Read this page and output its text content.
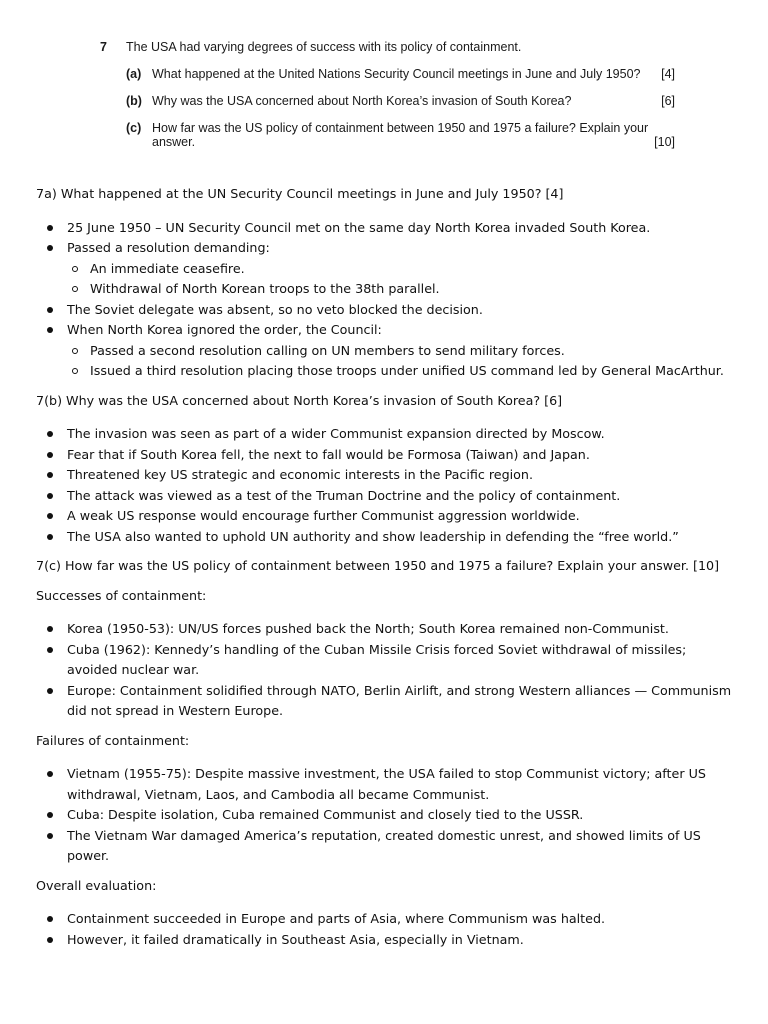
7	The USA had varying degrees of success with its policy of containment.
(a) What happened at the United Nations Security Council meetings in June and July 1950?	[4]
(b) Why was the USA concerned about North Korea’s invasion of South Korea?	[6]
(c) How far was the US policy of containment between 1950 and 1975 a failure? Explain your
answer.	[10]

7a) What happened at the UN Security Council meetings in June and July 1950? [4]

25 June 1950 – UN Security Council met on the same day North Korea invaded South Korea.
Passed a resolution demanding:
An immediate ceasefire.
Withdrawal of North Korean troops to the 38th parallel.
The Soviet delegate was absent, so no veto blocked the decision.
When North Korea ignored the order, the Council:
Passed a second resolution calling on UN members to send military forces.
Issued a third resolution placing those troops under unified US command led by General MacArthur.

7(b) Why was the USA concerned about North Korea’s invasion of South Korea? [6]

The invasion was seen as part of a wider Communist expansion directed by Moscow.
Fear that if South Korea fell, the next to fall would be Formosa (Taiwan) and Japan.
Threatened key US strategic and economic interests in the Pacific region.
The attack was viewed as a test of the Truman Doctrine and the policy of containment.
A weak US response would encourage further Communist aggression worldwide.
The USA also wanted to uphold UN authority and show leadership in defending the “free world.”

7(c) How far was the US policy of containment between 1950 and 1975 a failure? Explain your answer. [10]

Successes of containment:

Korea (1950-53): UN/US forces pushed back the North; South Korea remained non-Communist.
Cuba (1962): Kennedy’s handling of the Cuban Missile Crisis forced Soviet withdrawal of missiles; avoided nuclear war.
Europe: Containment solidified through NATO, Berlin Airlift, and strong Western alliances — Communism did not spread in Western Europe.

Failures of containment:

Vietnam (1955-75): Despite massive investment, the USA failed to stop Communist victory; after US withdrawal, Vietnam, Laos, and Cambodia all became Communist.
Cuba: Despite isolation, Cuba remained Communist and closely tied to the USSR.
The Vietnam War damaged America’s reputation, created domestic unrest, and showed limits of US power.

Overall evaluation:

Containment succeeded in Europe and parts of Asia, where Communism was halted.
However, it failed dramatically in Southeast Asia, especially in Vietnam.
